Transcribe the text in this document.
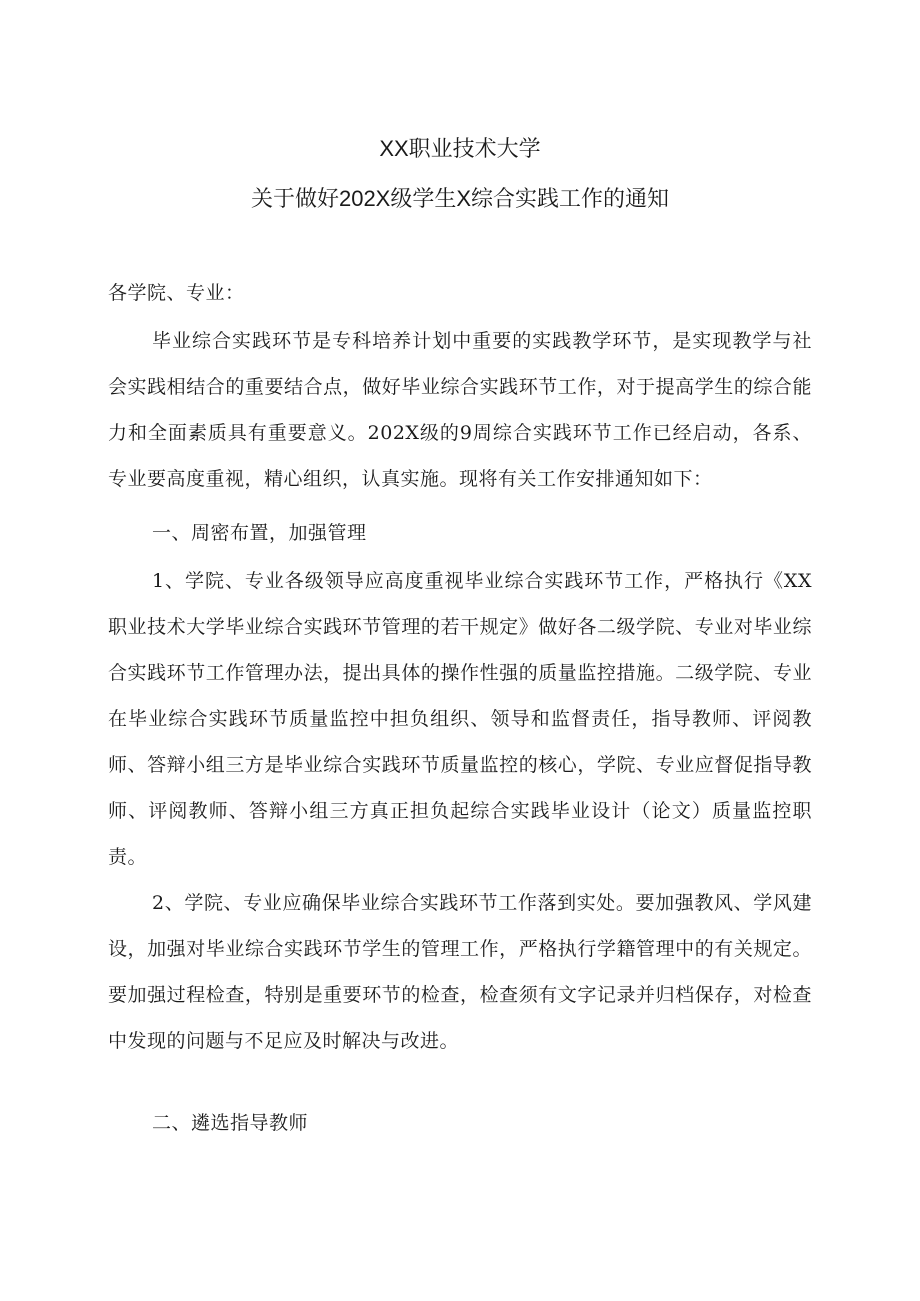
XX职业技术大学
关于做好202X级学生X综合实践工作的通知
各学院、专业：

毕业综合实践环节是专科培养计划中重要的实践教学环节，是实现教学与社会实践相结合的重要结合点，做好毕业综合实践环节工作，对于提高学生的综合能力和全面素质具有重要意义。202X级的9周综合实践环节工作已经启动，各系、专业要高度重视，精心组织，认真实施。现将有关工作安排通知如下：

一、周密布置，加强管理

1、学院、专业各级领导应高度重视毕业综合实践环节工作，严格执行《XX职业技术大学毕业综合实践环节管理的若干规定》做好各二级学院、专业对毕业综合实践环节工作管理办法，提出具体的操作性强的质量监控措施。二级学院、专业在毕业综合实践环节质量监控中担负组织、领导和监督责任，指导教师、评阅教师、答辩小组三方是毕业综合实践环节质量监控的核心，学院、专业应督促指导教师、评阅教师、答辩小组三方真正担负起综合实践毕业设计（论文）质量监控职责。

2、学院、专业应确保毕业综合实践环节工作落到实处。要加强教风、学风建设，加强对毕业综合实践环节学生的管理工作，严格执行学籍管理中的有关规定。要加强过程检查，特别是重要环节的检查，检查须有文字记录并归档保存，对检查中发现的问题与不足应及时解决与改进。

二、遴选指导教师
